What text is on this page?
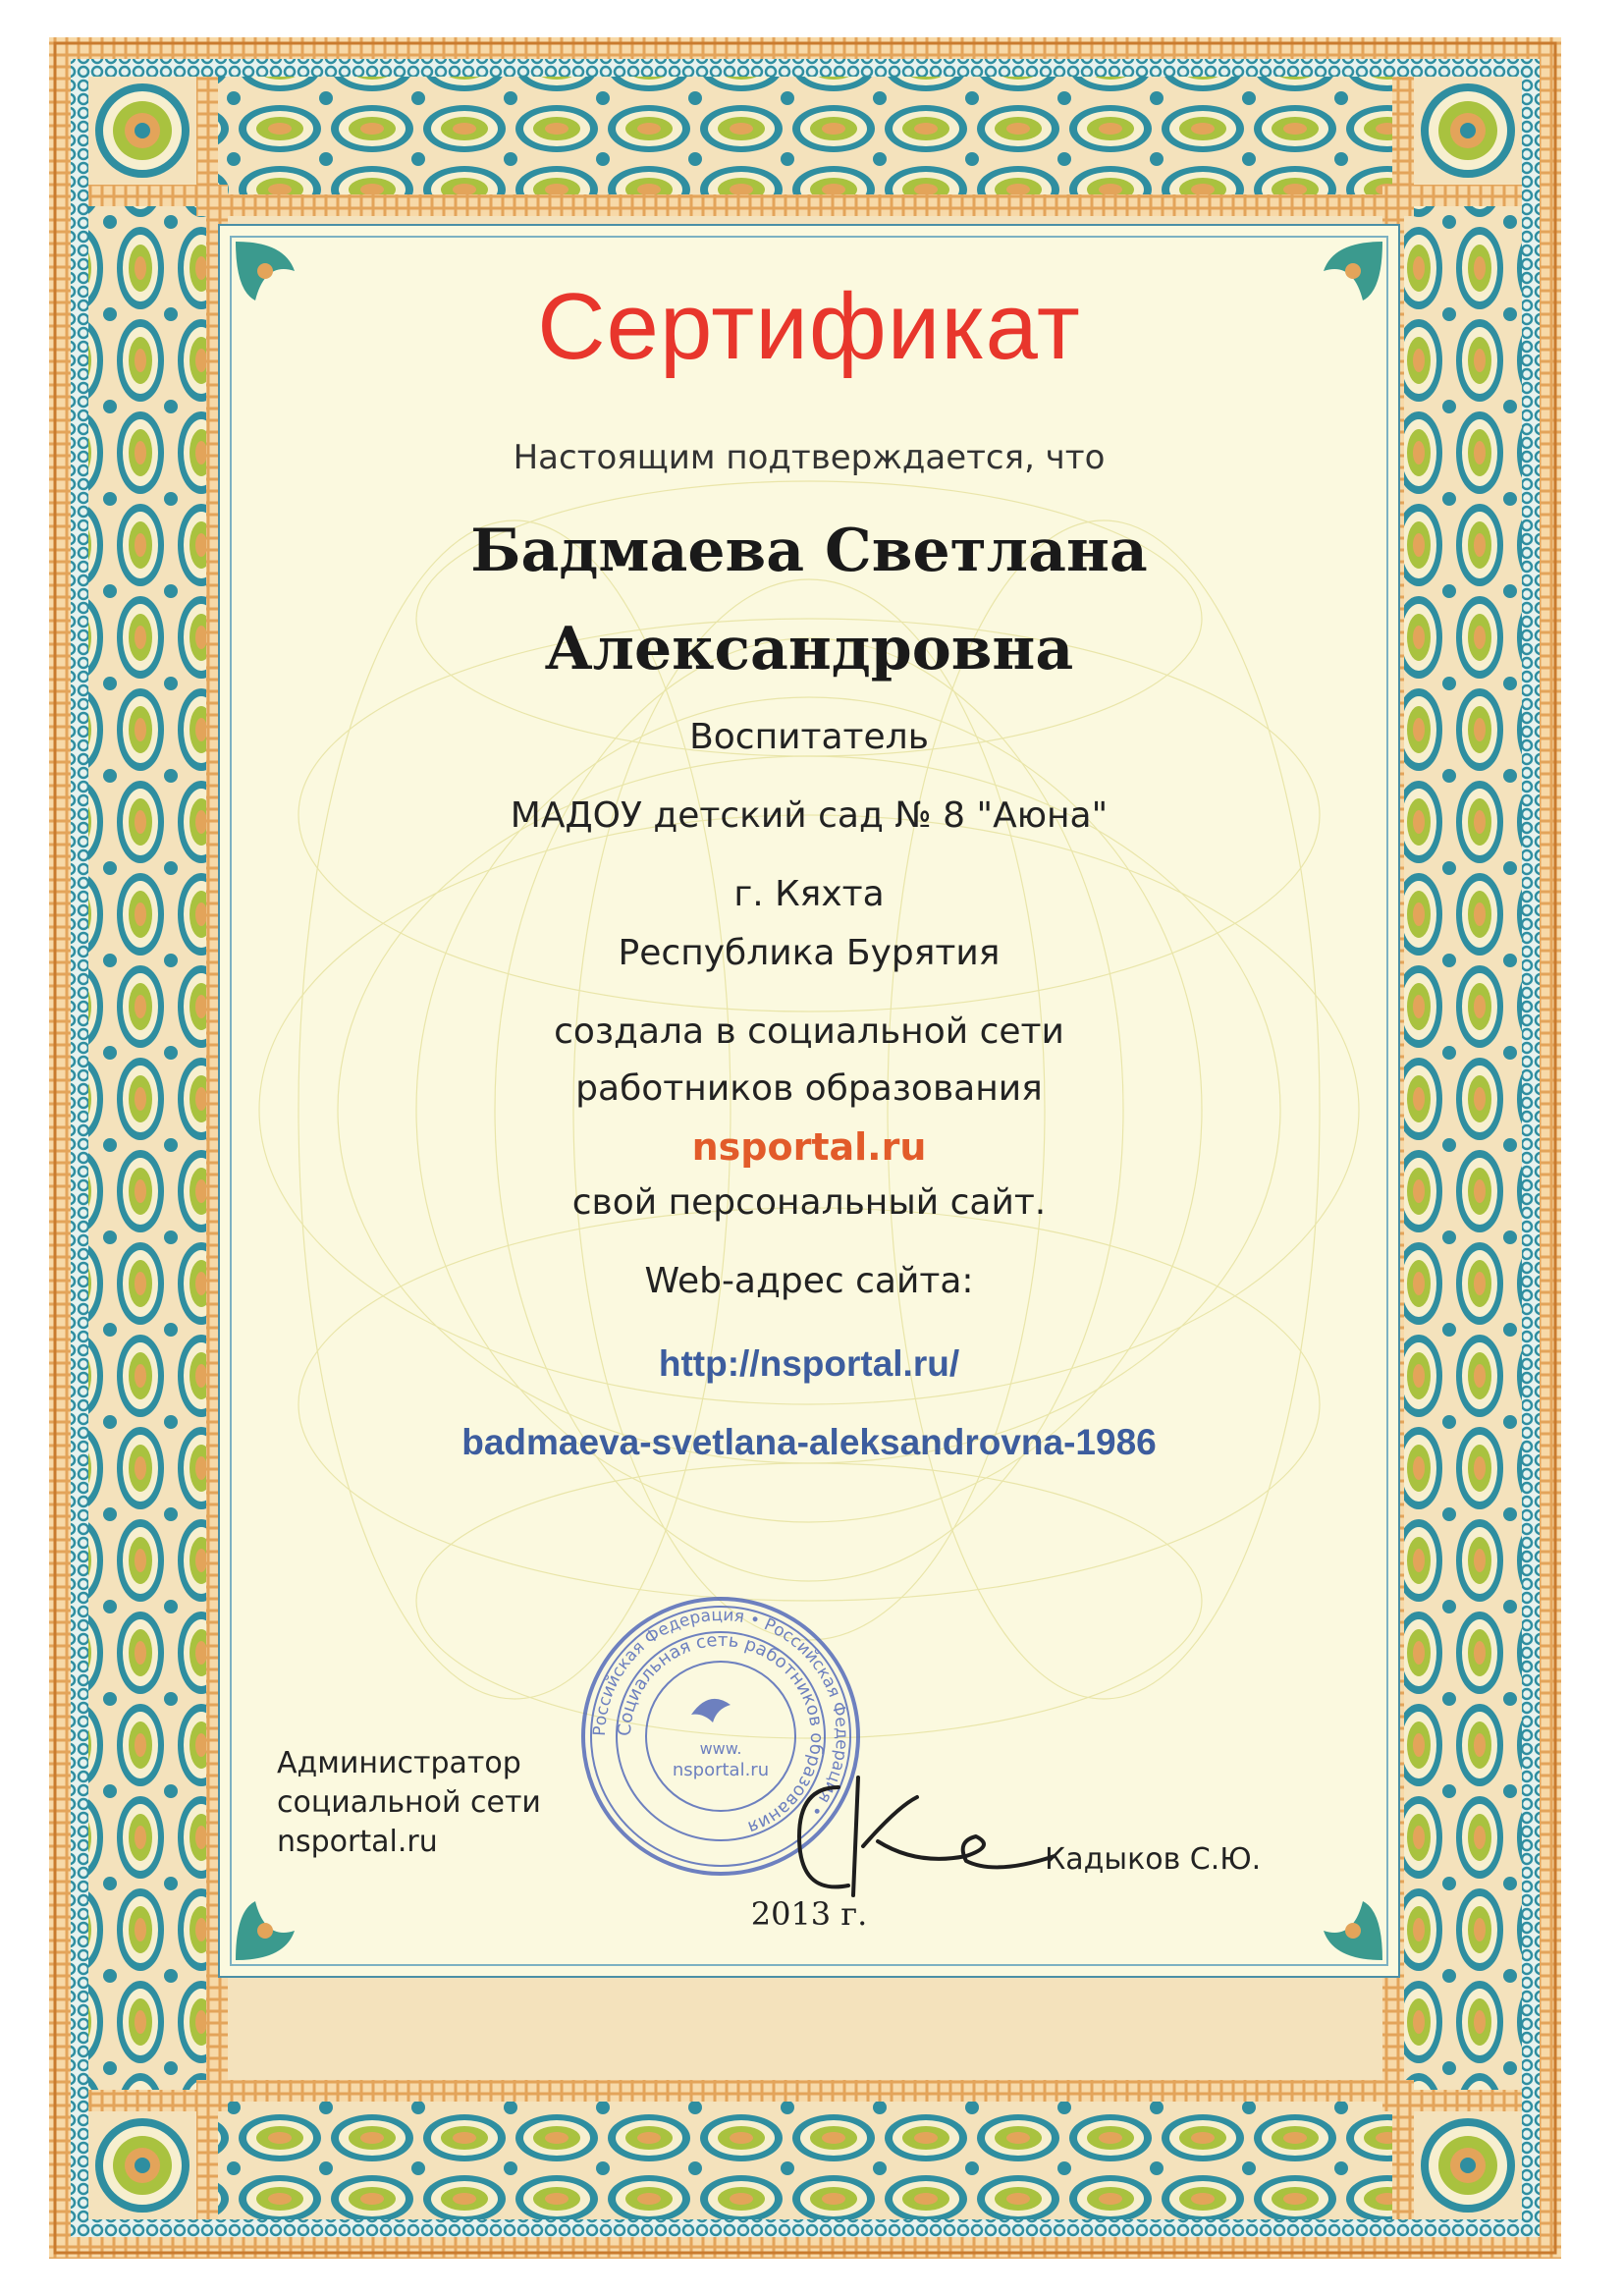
Сертификат
Настоящим подтверждается, что
Бадмаева Светлана
Александровна
Воспитатель
МАДОУ детский сад № 8 "Аюна"
г. Кяхта
Республика Бурятия
создала в социальной сети
работников образования
nsportal.ru
свой персональный сайт.
Web-адрес сайта:
http://nsportal.ru/
badmaeva-svetlana-aleksandrovna-1986
Администратор
социальной сети
nsportal.ru
Российская Федерация • Российская Федерация •
Социальная сеть работников образования
www.
nsportal.ru
Кадыков С.Ю.
2013 г.
